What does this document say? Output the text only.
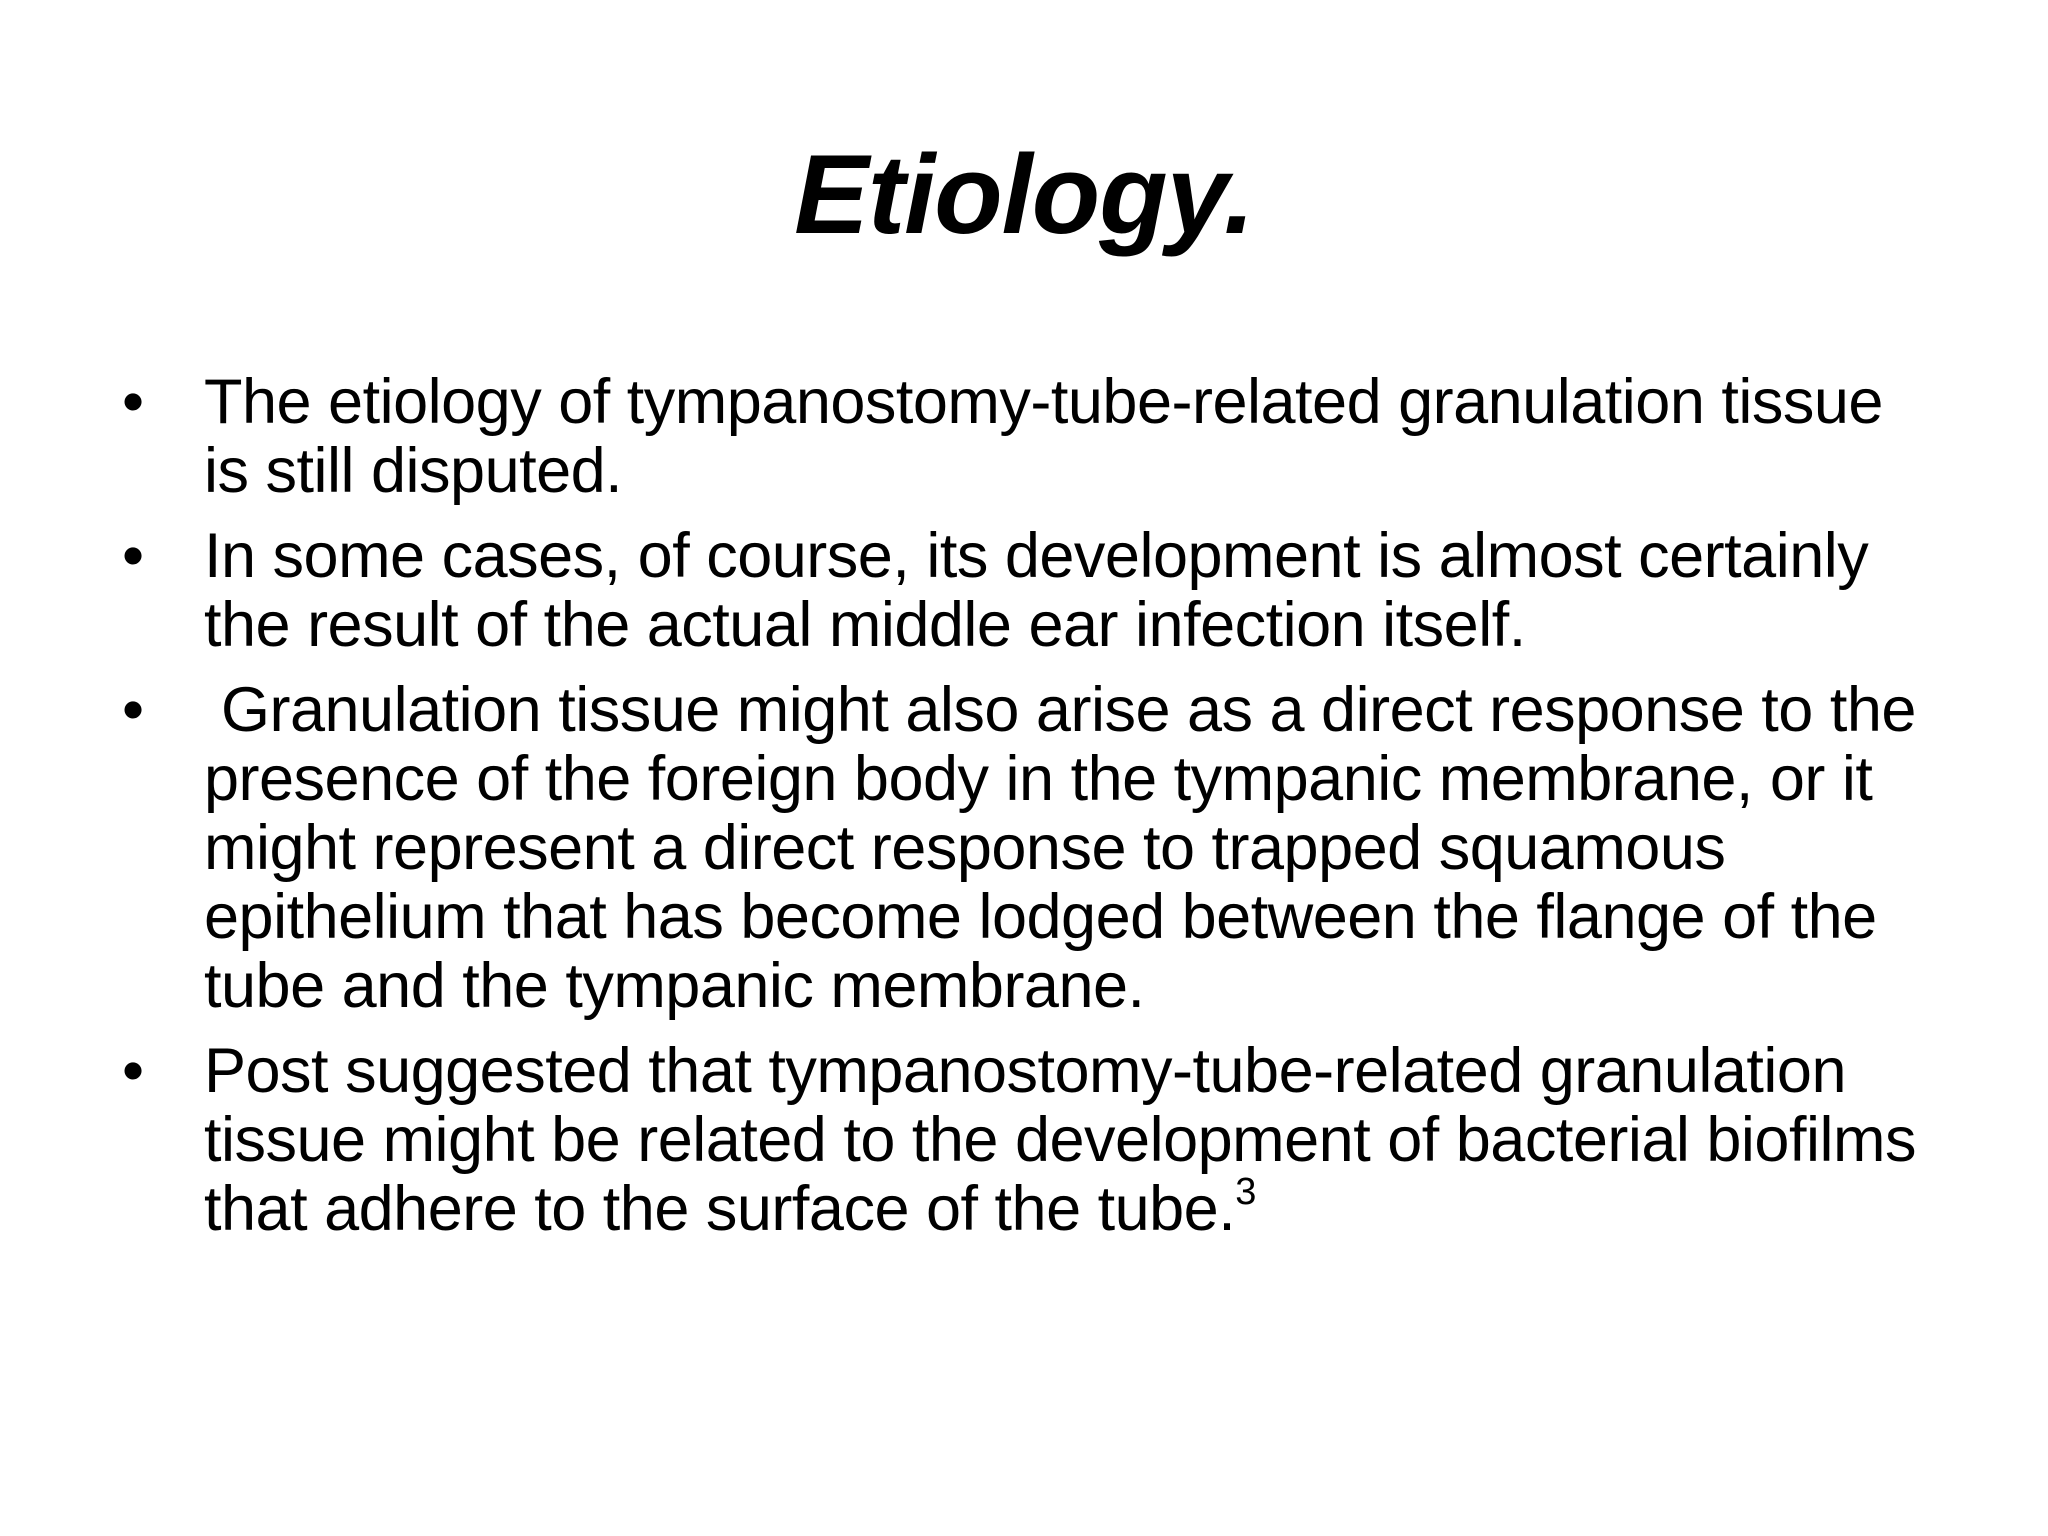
Etiology.
• The etiology of tympanostomy-tube-related granulation tissue is still disputed.
• In some cases, of course, its development is almost certainly the result of the actual middle ear infection itself.
• Granulation tissue might also arise as a direct response to the presence of the foreign body in the tympanic membrane, or it might represent a direct response to trapped squamous epithelium that has become lodged between the flange of the tube and the tympanic membrane.
• Post suggested that tympanostomy-tube-related granulation tissue might be related to the development of bacterial biofilms that adhere to the surface of the tube.$^3$
